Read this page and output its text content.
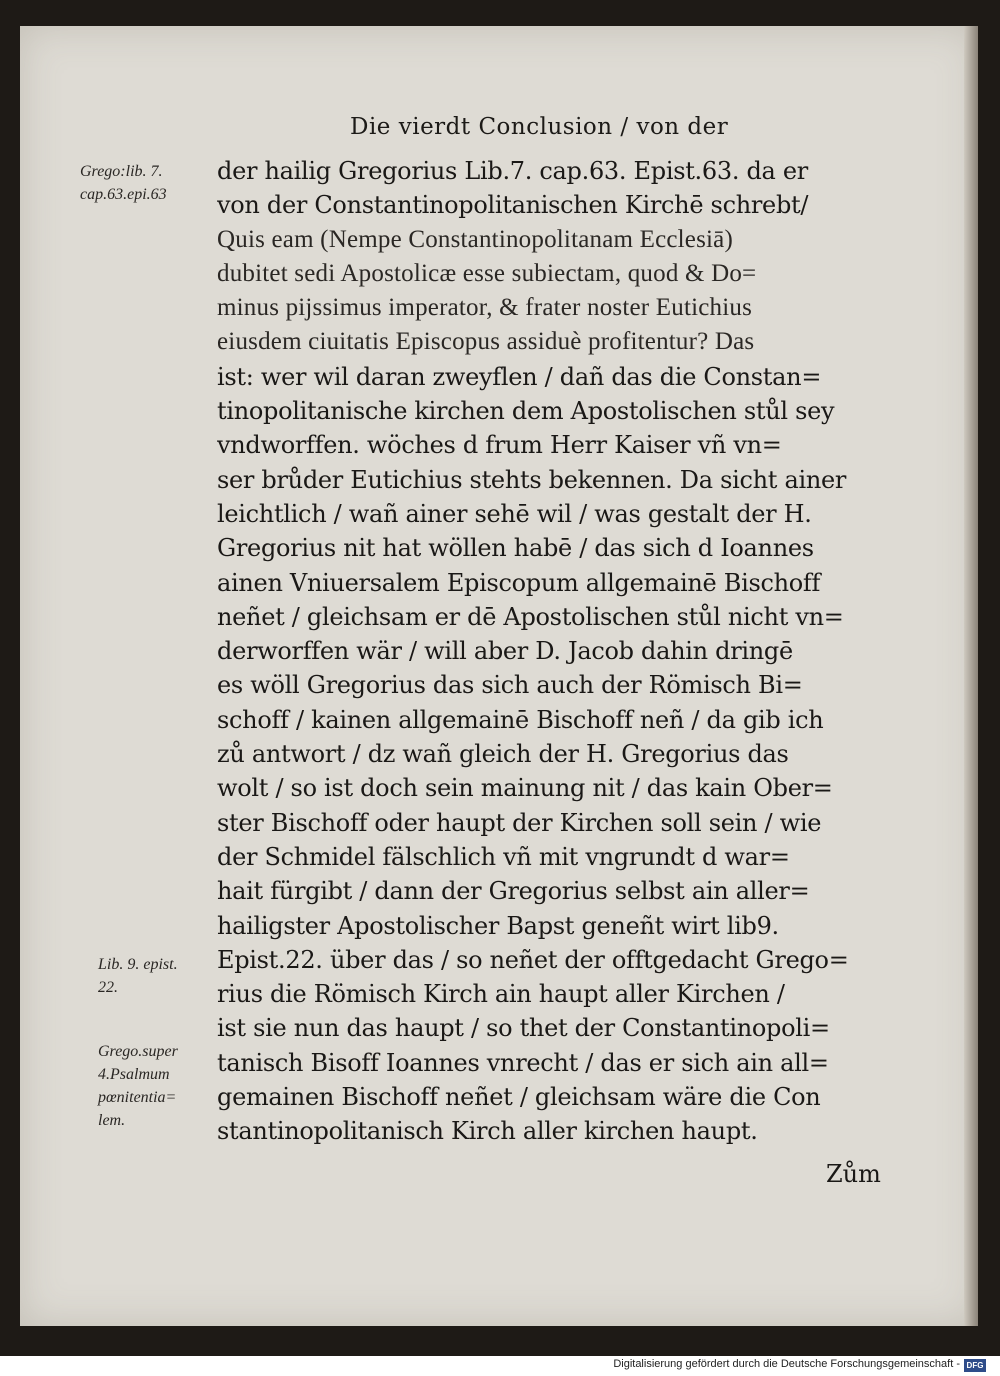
Die vierdt Conclusion / von der
Grego:lib. 7.
cap.63.epi.63
Lib. 9. epist.
22.
Grego.super
4.Psalmum
pœnitentia=
lem.
der hailig Gregorius Lib.7. cap.63. Epist.63. da er
von der Constantinopolitanischen Kirchē schrebt/
Quis eam (Nempe Constantinopolitanam Ecclesiā)
dubitet sedi Apostolicæ esse subiectam, quod & Do=
minus pijssimus imperator, & frater noster Eutichius
eiusdem ciuitatis Episcopus assiduè profitentur? Das
ist: wer wil daran zweyflen / dañ das die Constan=
tinopolitanische kirchen dem Apostolischen stůl sey
vndworffen. wöches d frum Herr Kaiser vñ vn=
ser brůder Eutichius stehts bekennen. Da sicht ainer
leichtlich / wañ ainer sehē wil / was gestalt der H.
Gregorius nit hat wöllen habē / das sich d Ioannes
ainen Vniuersalem Episcopum allgemainē Bischoff
neñet / gleichsam er dē Apostolischen stůl nicht vn=
derworffen wär / will aber D. Jacob dahin dringē
es wöll Gregorius das sich auch der Römisch Bi=
schoff / kainen allgemainē Bischoff neñ / da gib ich
zů antwort / dz wañ gleich der H. Gregorius das
wolt / so ist doch sein mainung nit / das kain Ober=
ster Bischoff oder haupt der Kirchen soll sein / wie
der Schmidel fälschlich vñ mit vngrundt d war=
hait fürgibt / dann der Gregorius selbst ain aller=
hailigster Apostolischer Bapst geneñt wirt lib9.
Epist.22. über das / so neñet der offtgedacht Grego=
rius die Römisch Kirch ain haupt aller Kirchen /
ist sie nun das haupt / so thet der Constantinopoli=
tanisch Bisoff Ioannes vnrecht / das er sich ain all=
gemainen Bischoff neñet / gleichsam wäre die Con
stantinopolitanisch Kirch aller kirchen haupt.
Zům
Digitalisierung gefördert durch die Deutsche Forschungsgemeinschaft - DFG
